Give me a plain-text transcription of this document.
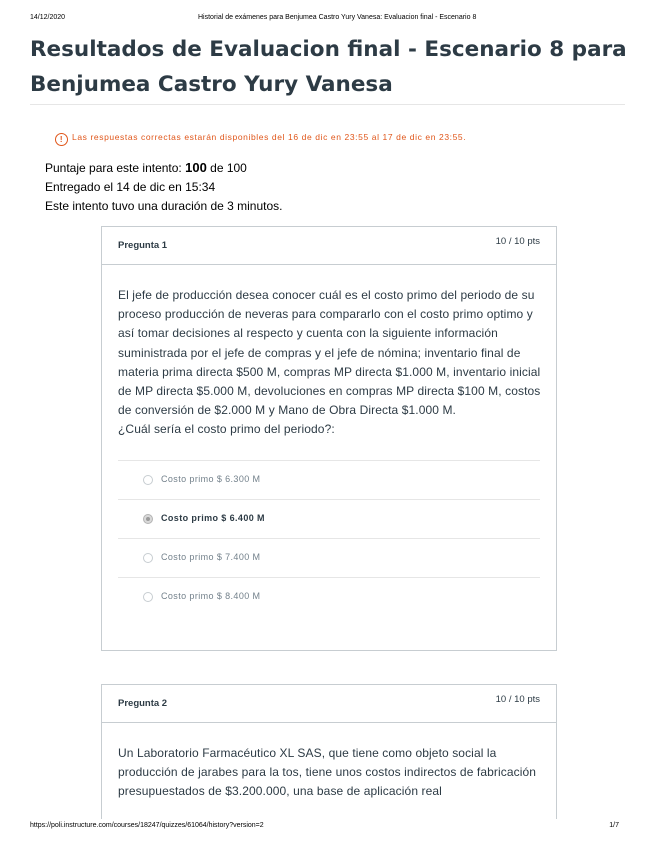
14/12/2020	Historial de exámenes para Benjumea Castro Yury Vanesa: Evaluacion final - Escenario 8
Resultados de Evaluacion final - Escenario 8 para Benjumea Castro Yury Vanesa
! Las respuestas correctas estarán disponibles del 16 de dic en 23:55 al 17 de dic en 23:55.
Puntaje para este intento: 100 de 100
Entregado el 14 de dic en 15:34
Este intento tuvo una duración de 3 minutos.
Pregunta 1	10 / 10 pts
El jefe de producción desea conocer cuál es el costo primo del periodo de su proceso producción de neveras para compararlo con el costo primo optimo y así tomar decisiones al respecto y cuenta con la siguiente información suministrada por el jefe de compras y el jefe de nómina; inventario final de materia prima directa $500 M, compras MP directa $1.000 M, inventario inicial de MP directa $5.000 M, devoluciones en compras MP directa $100 M, costos de conversión de $2.000 M y Mano de Obra Directa $1.000 M.
¿Cuál sería el costo primo del periodo?:
Costo primo $ 6.300 M
Costo primo $ 6.400 M
Costo primo $ 7.400 M
Costo primo $ 8.400 M
Pregunta 2	10 / 10 pts
Un Laboratorio Farmacéutico XL SAS, que tiene como objeto social la producción de jarabes para la tos, tiene unos costos indirectos de fabricación presupuestados de $3.200.000, una base de aplicación real
https://poli.instructure.com/courses/18247/quizzes/61064/history?version=2	1/7
